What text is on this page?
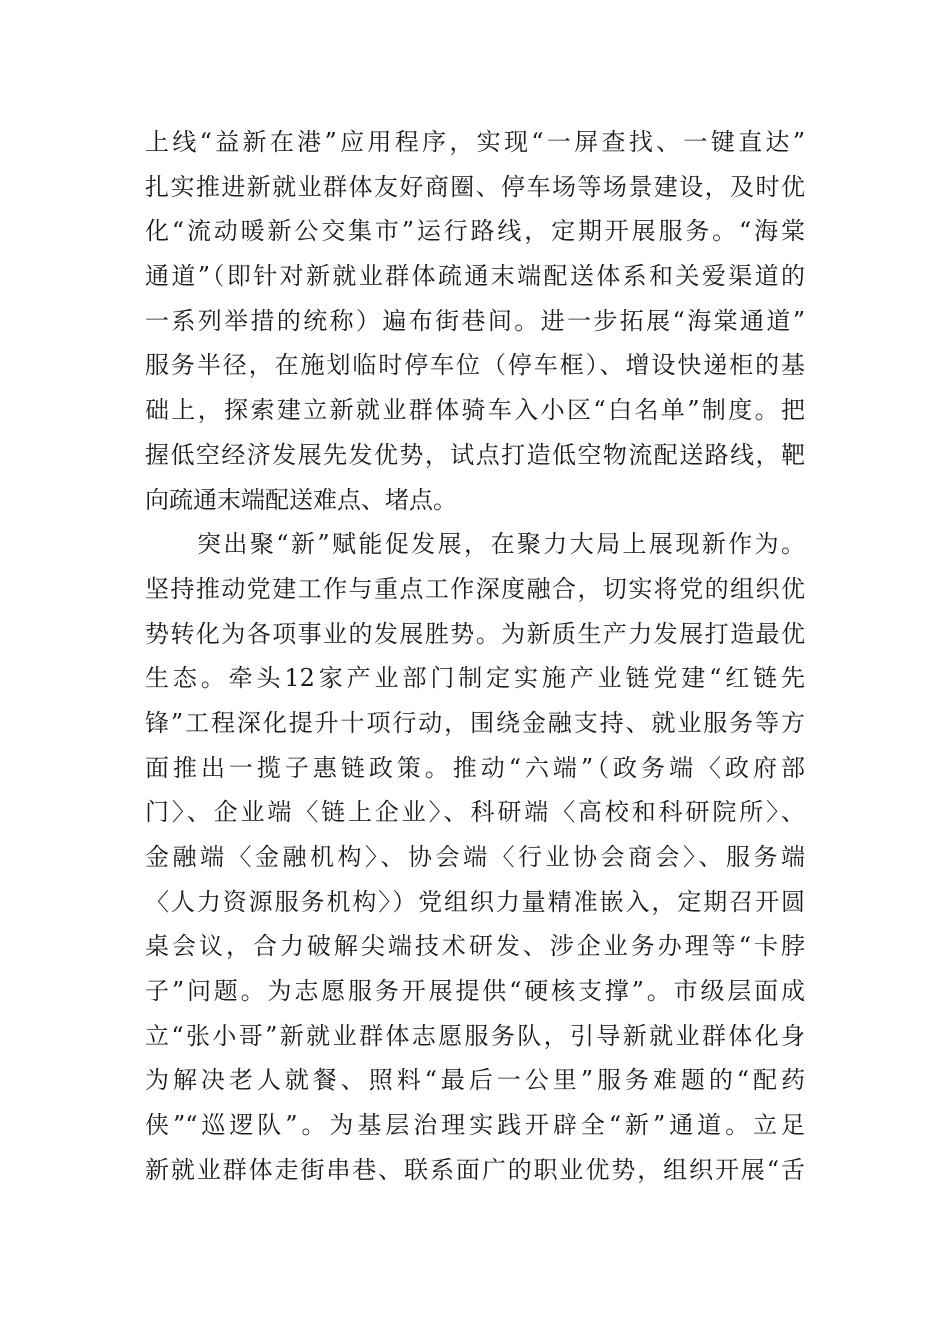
上线“益新在港”应用程序，实现“一屏查找、一键直达”
扎实推进新就业群体友好商圈、停车场等场景建设，及时优
化“流动暖新公交集市”运行路线，定期开展服务。“海棠
通道”（即针对新就业群体疏通末端配送体系和关爱渠道的
一系列举措的统称）遍布街巷间。进一步拓展“海棠通道”
服务半径，在施划临时停车位（停车框）、增设快递柜的基
础上，探索建立新就业群体骑车入小区“白名单”制度。把
握低空经济发展先发优势，试点打造低空物流配送路线，靶
向疏通末端配送难点、堵点。
突出聚“新”赋能促发展，在聚力大局上展现新作为。
坚持推动党建工作与重点工作深度融合，切实将党的组织优
势转化为各项事业的发展胜势。为新质生产力发展打造最优
生态。牵头12家产业部门制定实施产业链党建“红链先
锋”工程深化提升十项行动，围绕金融支持、就业服务等方
面推出一揽子惠链政策。推动“六端”（政务端〈政府部
门〉、企业端〈链上企业〉、科研端〈高校和科研院所〉、
金融端〈金融机构〉、协会端〈行业协会商会〉、服务端
〈人力资源服务机构〉）党组织力量精准嵌入，定期召开圆
桌会议，合力破解尖端技术研发、涉企业务办理等“卡脖
子”问题。为志愿服务开展提供“硬核支撑”。市级层面成
立“张小哥”新就业群体志愿服务队，引导新就业群体化身
为解决老人就餐、照料“最后一公里”服务难题的“配药
侠”“巡逻队”。为基层治理实践开辟全“新”通道。立足
新就业群体走街串巷、联系面广的职业优势，组织开展“舌
